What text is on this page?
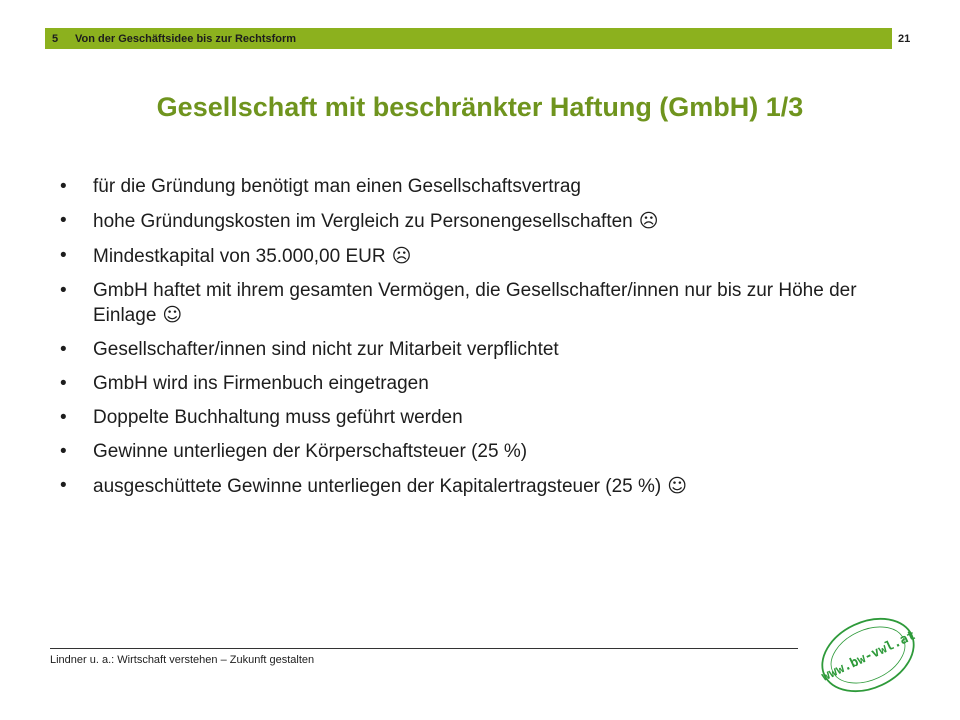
5 Von der Geschäftsidee bis zur Rechtsform	21
Gesellschaft mit beschränkter Haftung (GmbH) 1/3
• für die Gründung benötigt man einen Gesellschaftsvertrag
• hohe Gründungskosten im Vergleich zu Personengesellschaften ☹
• Mindestkapital von 35.000,00 EUR ☹
• GmbH haftet mit ihrem gesamten Vermögen, die Gesellschafter/innen nur bis zur Höhe der Einlage ☺
• Gesellschafter/innen sind nicht zur Mitarbeit verpflichtet
• GmbH wird ins Firmenbuch eingetragen
• Doppelte Buchhaltung muss geführt werden
• Gewinne unterliegen der Körperschaftsteuer (25 %)
• ausgeschüttete Gewinne unterliegen der Kapitalertragsteuer (25 %) ☺
Lindner u. a.: Wirtschaft verstehen – Zukunft gestalten	www.bw-vwl.at
